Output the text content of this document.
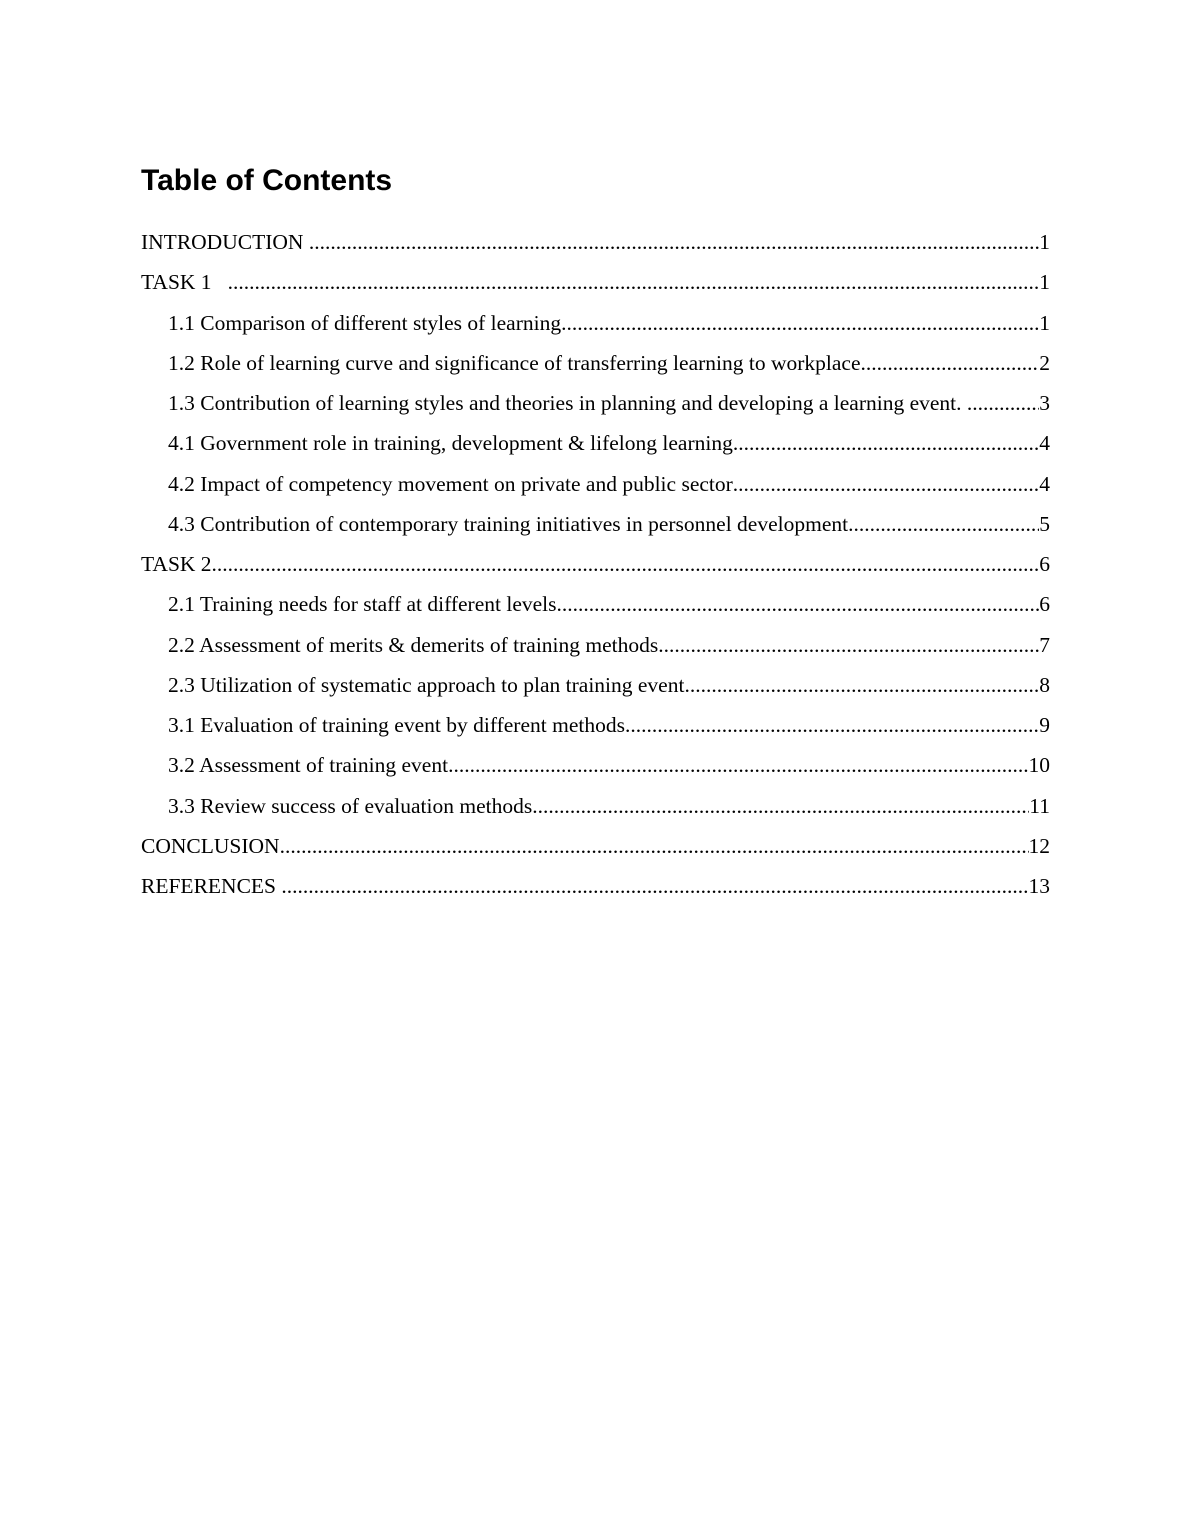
Table of Contents
INTRODUCTION .....	1
TASK 1 .....	1
1.1 Comparison of different styles of learning .....	1
1.2 Role of learning curve and significance of transferring learning to workplace .....	2
1.3 Contribution of learning styles and theories in planning and developing a learning event. .....	3
4.1 Government role in training, development & lifelong learning .....	4
4.2 Impact of competency movement on private and public sector .....	4
4.3 Contribution of contemporary training initiatives in personnel development .....	5
TASK 2 .....	6
2.1 Training needs for staff at different levels .....	6
2.2 Assessment of merits & demerits of training methods .....	7
2.3 Utilization of systematic approach to plan training event .....	8
3.1 Evaluation of training event by different methods .....	9
3.2 Assessment of training event .....	10
3.3 Review success of evaluation methods .....	11
CONCLUSION .....	12
REFERENCES .....	13
